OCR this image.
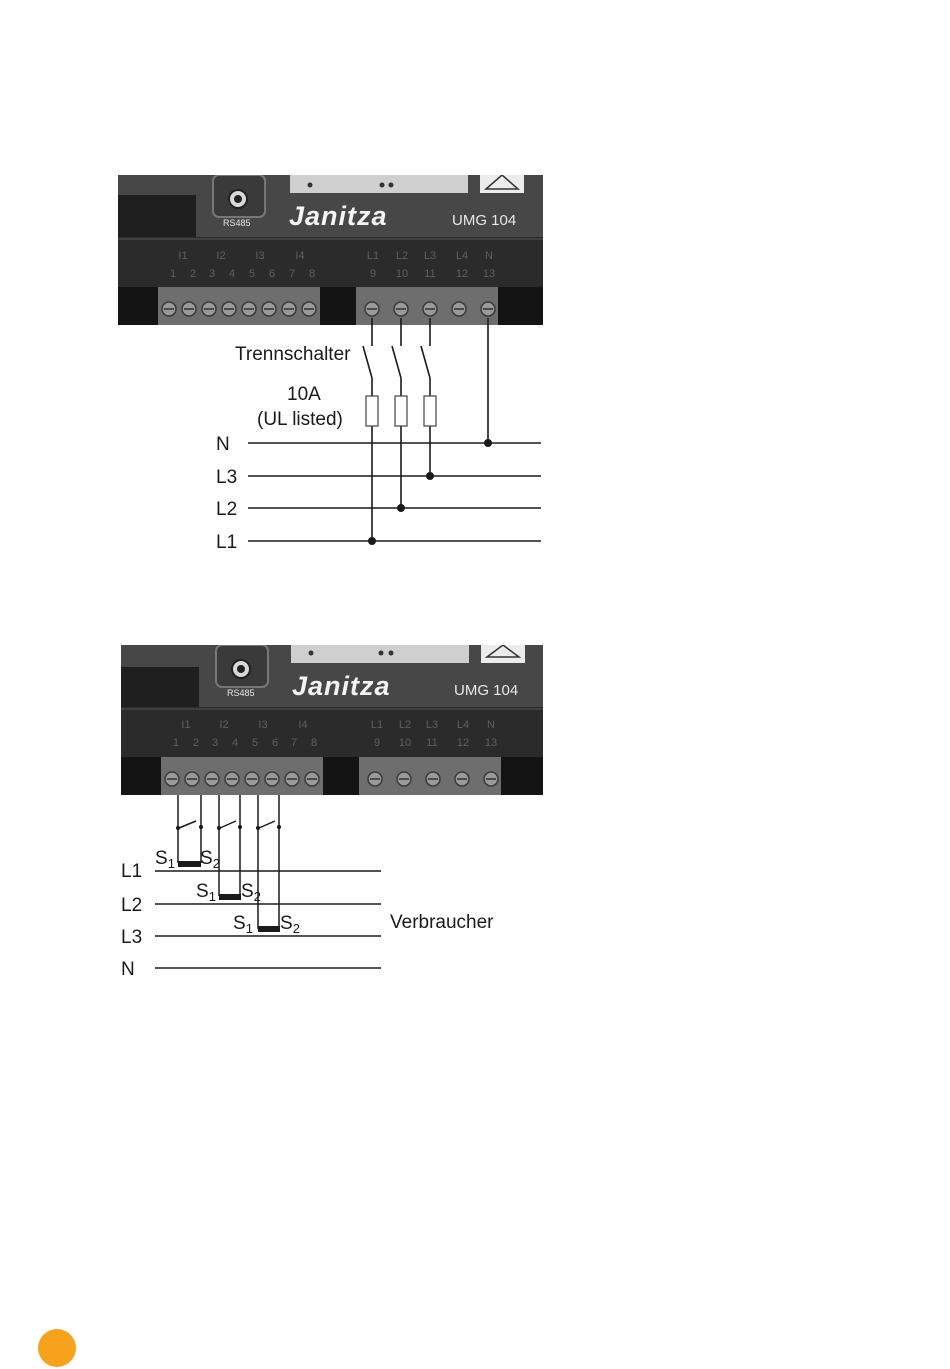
RS485 Janitza	UMG 104
I1	I2	I3	I4	L1	L2	L3	L4	N
1	2	3	4	5	6	7	8	9	10	11	12	13
Trennschalter
10A
(UL listed)
N
L3
L2
L1
RS485 Janitza	UMG 104
I1	I2	I3	I4	L1	L2	L3	L4	N
1	2	3	4	5	6	7	8	9	10	11	12	13
$S_1$ $S_2$
$S_1$ $S_2$
$S_1$ $S_2$
L1
L2
L3
N
Verbraucher
